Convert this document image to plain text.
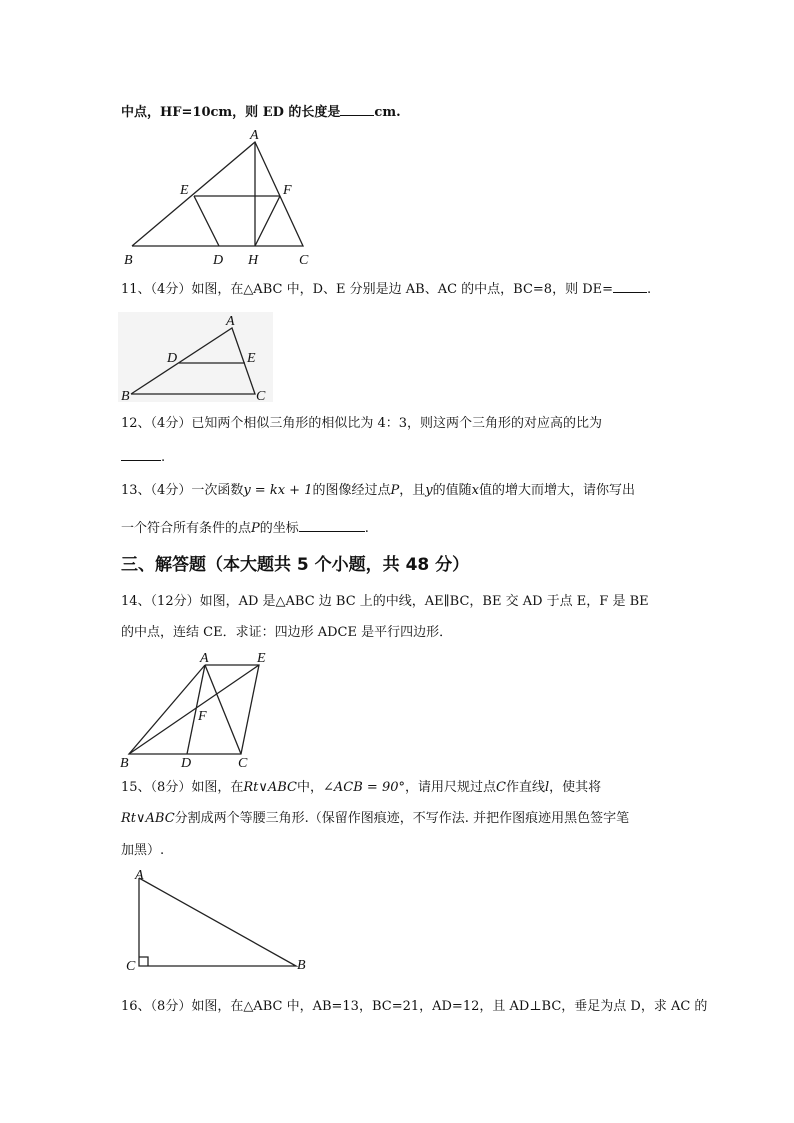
中点，HF=10cm，则 ED 的长度是	cm.
A
E	F
B	D H	C
11、（4分）如图，在△ABC 中，D、E 分别是边 AB、AC 的中点，BC=8，则 DE=	.
A
D	E
B	C
12、（4分）已知两个相似三角形的相似比为 4：3，则这两个三角形的对应高的比为
.
13、（4分）一次函数y = kx + 1的图像经过点P，且y的值随x值的增大而增大，请你写出
一个符合所有条件的点P的坐标	.
三、解答题（本大题共 5 个小题，共 48 分）
14、（12分）如图，AD 是△ABC 边 BC 上的中线，AE∥BC，BE 交 AD 于点 E，F 是 BE
的中点，连结 CE．求证：四边形 ADCE 是平行四边形．
A	E
F
B	D	C
15、（8分）如图，在Rt∨ABC中，∠ACB = 90°，请用尺规过点C作直线l，使其将
Rt∨ABC分割成两个等腰三角形.（保留作图痕迹，不写作法. 并把作图痕迹用黑色签字笔
加黑）.
A
C	B
16、（8分）如图，在△ABC 中，AB=13，BC=21，AD=12，且 AD⊥BC，垂足为点 D，求 AC 的
